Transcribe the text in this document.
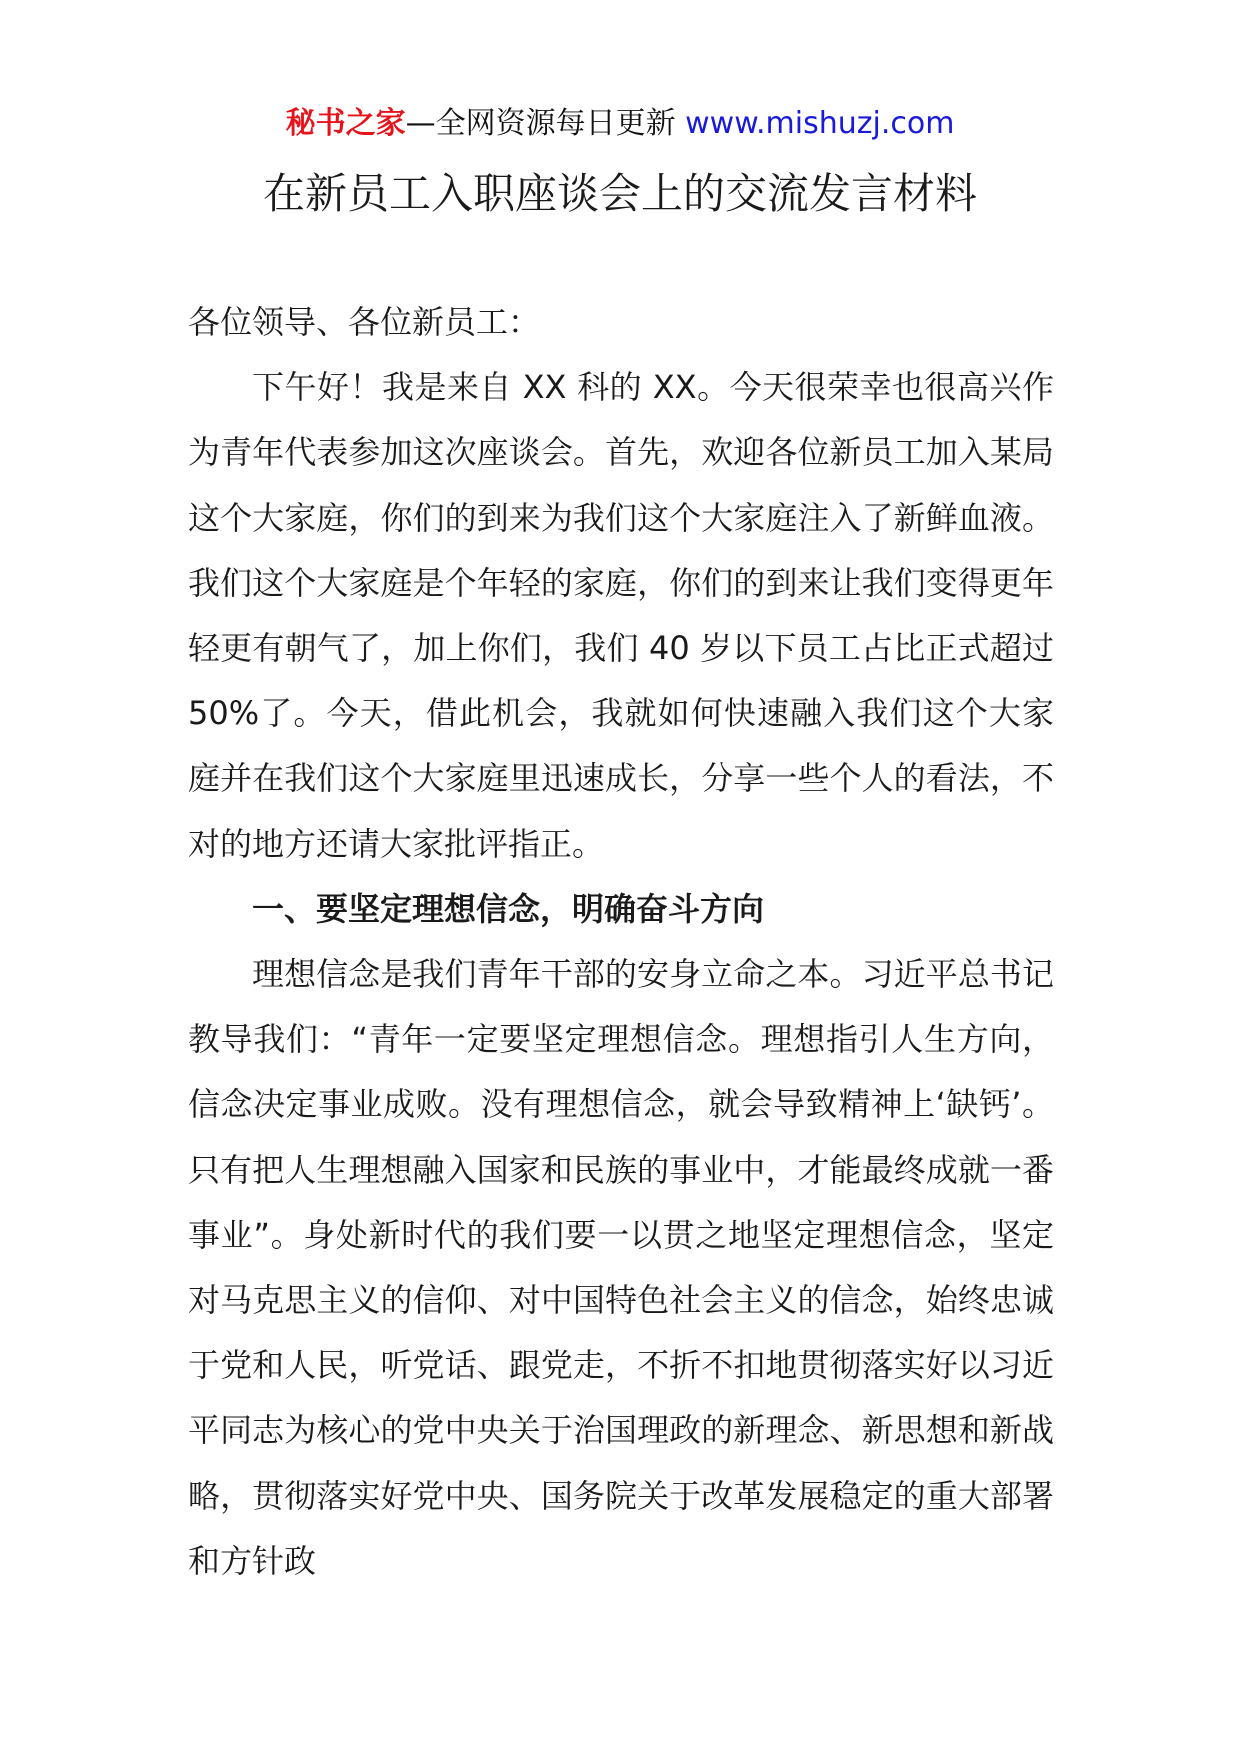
秘书之家—全网资源每日更新 www.mishuzj.com
在新员工入职座谈会上的交流发言材料

各位领导、各位新员工：

下午好！我是来自 XX 科的 XX。今天很荣幸也很高兴作为青年代表参加这次座谈会。首先，欢迎各位新员工加入某局这个大家庭，你们的到来为我们这个大家庭注入了新鲜血液。我们这个大家庭是个年轻的家庭，你们的到来让我们变得更年轻更有朝气了，加上你们，我们 40 岁以下员工占比正式超过 50%了。今天，借此机会，我就如何快速融入我们这个大家庭并在我们这个大家庭里迅速成长，分享一些个人的看法，不对的地方还请大家批评指正。

一、要坚定理想信念，明确奋斗方向

理想信念是我们青年干部的安身立命之本。习近平总书记教导我们：“青年一定要坚定理想信念。理想指引人生方向，信念决定事业成败。没有理想信念，就会导致精神上‘缺钙’。只有把人生理想融入国家和民族的事业中，才能最终成就一番事业”。身处新时代的我们要一以贯之地坚定理想信念，坚定对马克思主义的信仰、对中国特色社会主义的信念，始终忠诚于党和人民，听党话、跟党走，不折不扣地贯彻落实好以习近平同志为核心的党中央关于治国理政的新理念、新思想和新战略，贯彻落实好党中央、国务院关于改革发展稳定的重大部署和方针政
